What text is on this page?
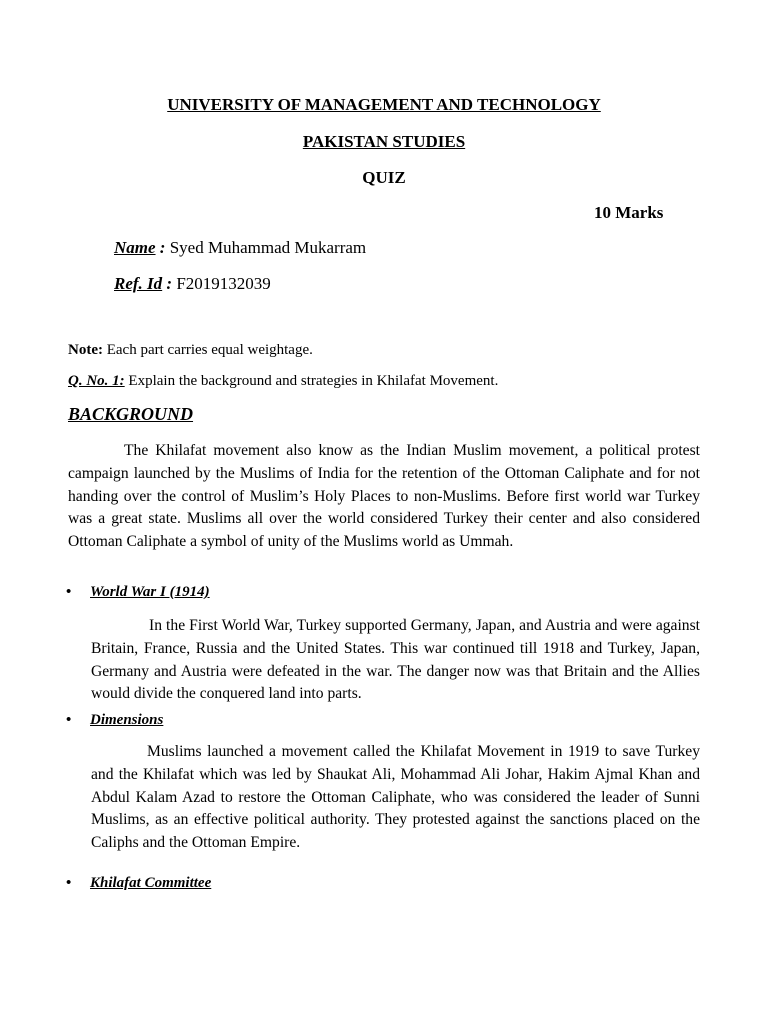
UNIVERSITY OF MANAGEMENT AND TECHNOLOGY
PAKISTAN STUDIES
QUIZ
10 Marks
Name : Syed Muhammad Mukarram
Ref. Id : F2019132039
Note: Each part carries equal weightage.
Q. No. 1: Explain the background and strategies in Khilafat Movement.
BACKGROUND

The Khilafat movement also know as the Indian Muslim movement, a political protest campaign launched by the Muslims of India for the retention of the Ottoman Caliphate and for not handing over the control of Muslim’s Holy Places to non-Muslims. Before first world war Turkey was a great state. Muslims all over the world considered Turkey their center and also considered Ottoman Caliphate a symbol of unity of the Muslims world as Ummah.

• World War I (1914)

In the First World War, Turkey supported Germany, Japan, and Austria and were against Britain, France, Russia and the United States. This war continued till 1918 and Turkey, Japan, Germany and Austria were defeated in the war. The danger now was that Britain and the Allies would divide the conquered land into parts.

• Dimensions

Muslims launched a movement called the Khilafat Movement in 1919 to save Turkey and the Khilafat which was led by Shaukat Ali, Mohammad Ali Johar, Hakim Ajmal Khan and Abdul Kalam Azad to restore the Ottoman Caliphate, who was considered the leader of Sunni Muslims, as an effective political authority. They protested against the sanctions placed on the Caliphs and the Ottoman Empire.

• Khilafat Committee
